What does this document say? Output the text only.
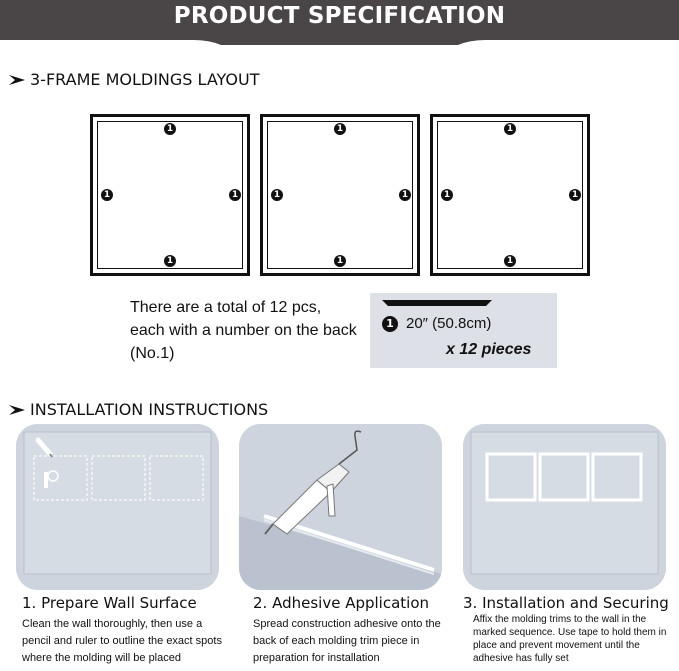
PRODUCT SPECIFICATION
3-FRAME MOLDINGS LAYOUT
1
1	1
1
1
1	1
1
1
1	1
1
There are a total of 12 pcs, each with a number on the back (No.1)
1 20″ (50.8cm)
x 12 pieces
INSTALLATION INSTRUCTIONS
1. Prepare Wall Surface
Clean the wall thoroughly, then use a pencil and ruler to outline the exact spots where the molding will be placed
2. Adhesive Application
Spread construction adhesive onto the back of each molding trim piece in preparation for installation
3. Installation and Securing
Affix the molding trims to the wall in the marked sequence. Use tape to hold them in place and prevent movement until the adhesive has fully set
